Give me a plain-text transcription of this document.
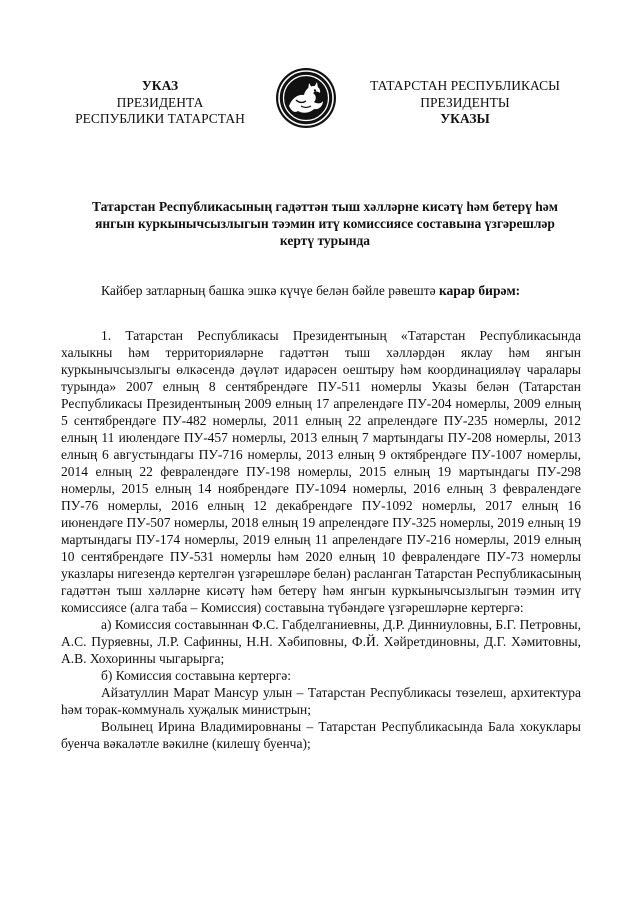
УКАЗ
ПРЕЗИДЕНТА
РЕСПУБЛИКИ ТАТАРСТАН
ТАТАРСТАН РЕСПУБЛИКАСЫ
ПРЕЗИДЕНТЫ
УКАЗЫ
Татарстан Республикасының гадәттән тыш хәлләрне кисәтү һәм бетерү һәм янгын куркынычсызлыгын тәэмин итү комиссиясе составына үзгәрешләр кертү турында

Кайбер затларның башка эшкә күчүе белән бәйле рәвештә карар бирәм:

1. Татарстан Республикасы Президентының «Татарстан Республикасында халыкны һәм территорияләрне гадәттән тыш хәлләрдән яклау һәм янгын куркынычсызлыгы өлкәсендә дәүләт идарәсен оештыру һәм координацияләү чаралары турында» 2007 елның 8 сентябрендәге ПУ-511 номерлы Указы белән (Татарстан Республикасы Президентының 2009 елның 17 апрелендәге ПУ-204 номерлы, 2009 елның 5 сентябрендәге ПУ-482 номерлы, 2011 елның 22 апрелендәге ПУ-235 номерлы, 2012 елның 11 июлендәге ПУ-457 номерлы, 2013 елның 7 мартындагы ПУ-208 номерлы, 2013 елның 6 августындагы ПУ-716 номерлы, 2013 елның 9 октябрендәге ПУ-1007 номерлы, 2014 елның 22 февралендәге ПУ-198 номерлы, 2015 елның 19 мартындагы ПУ-298 номерлы, 2015 елның 14 ноябрендәге ПУ-1094 номерлы, 2016 елның 3 февралендәге ПУ-76 номерлы, 2016 елның 12 декабрендәге ПУ-1092 номерлы, 2017 елның 16 июнендәге ПУ-507 номерлы, 2018 елның 19 апрелендәге ПУ-325 номерлы, 2019 елның 19 мартындагы ПУ-174 номерлы, 2019 елның 11 апрелендәге ПУ-216 номерлы, 2019 елның 10 сентябрендәге ПУ-531 номерлы һәм 2020 елның 10 февралендәге ПУ-73 номерлы указлары нигезендә кертелгән үзгәрешләре белән) расланган Татарстан Республикасының гадәттән тыш хәлләрне кисәтү һәм бетерү һәм янгын куркынычсызлыгын тәэмин итү комиссиясе (алга таба – Комиссия) составына түбәндәге үзгәрешләрне кертергә:

а) Комиссия составыннан Ф.С. Габделганиевны, Д.Р. Динниуловны, Б.Г. Петровны, А.С. Пуряевны, Л.Р. Сафинны, Н.Н. Хәбиповны, Ф.Й. Хәйретдиновны, Д.Г. Хәмитовны, А.В. Хохоринны чыгарырга;

б) Комиссия составына кертергә:

Айзатуллин Марат Мансур улын – Татарстан Республикасы төзелеш, архитектура һәм торак-коммуналь хуҗалык министрын;

Волынец Ирина Владимировнаны – Татарстан Республикасында Бала хокуклары буенча вәкаләтле вәкилне (килешү буенча);
